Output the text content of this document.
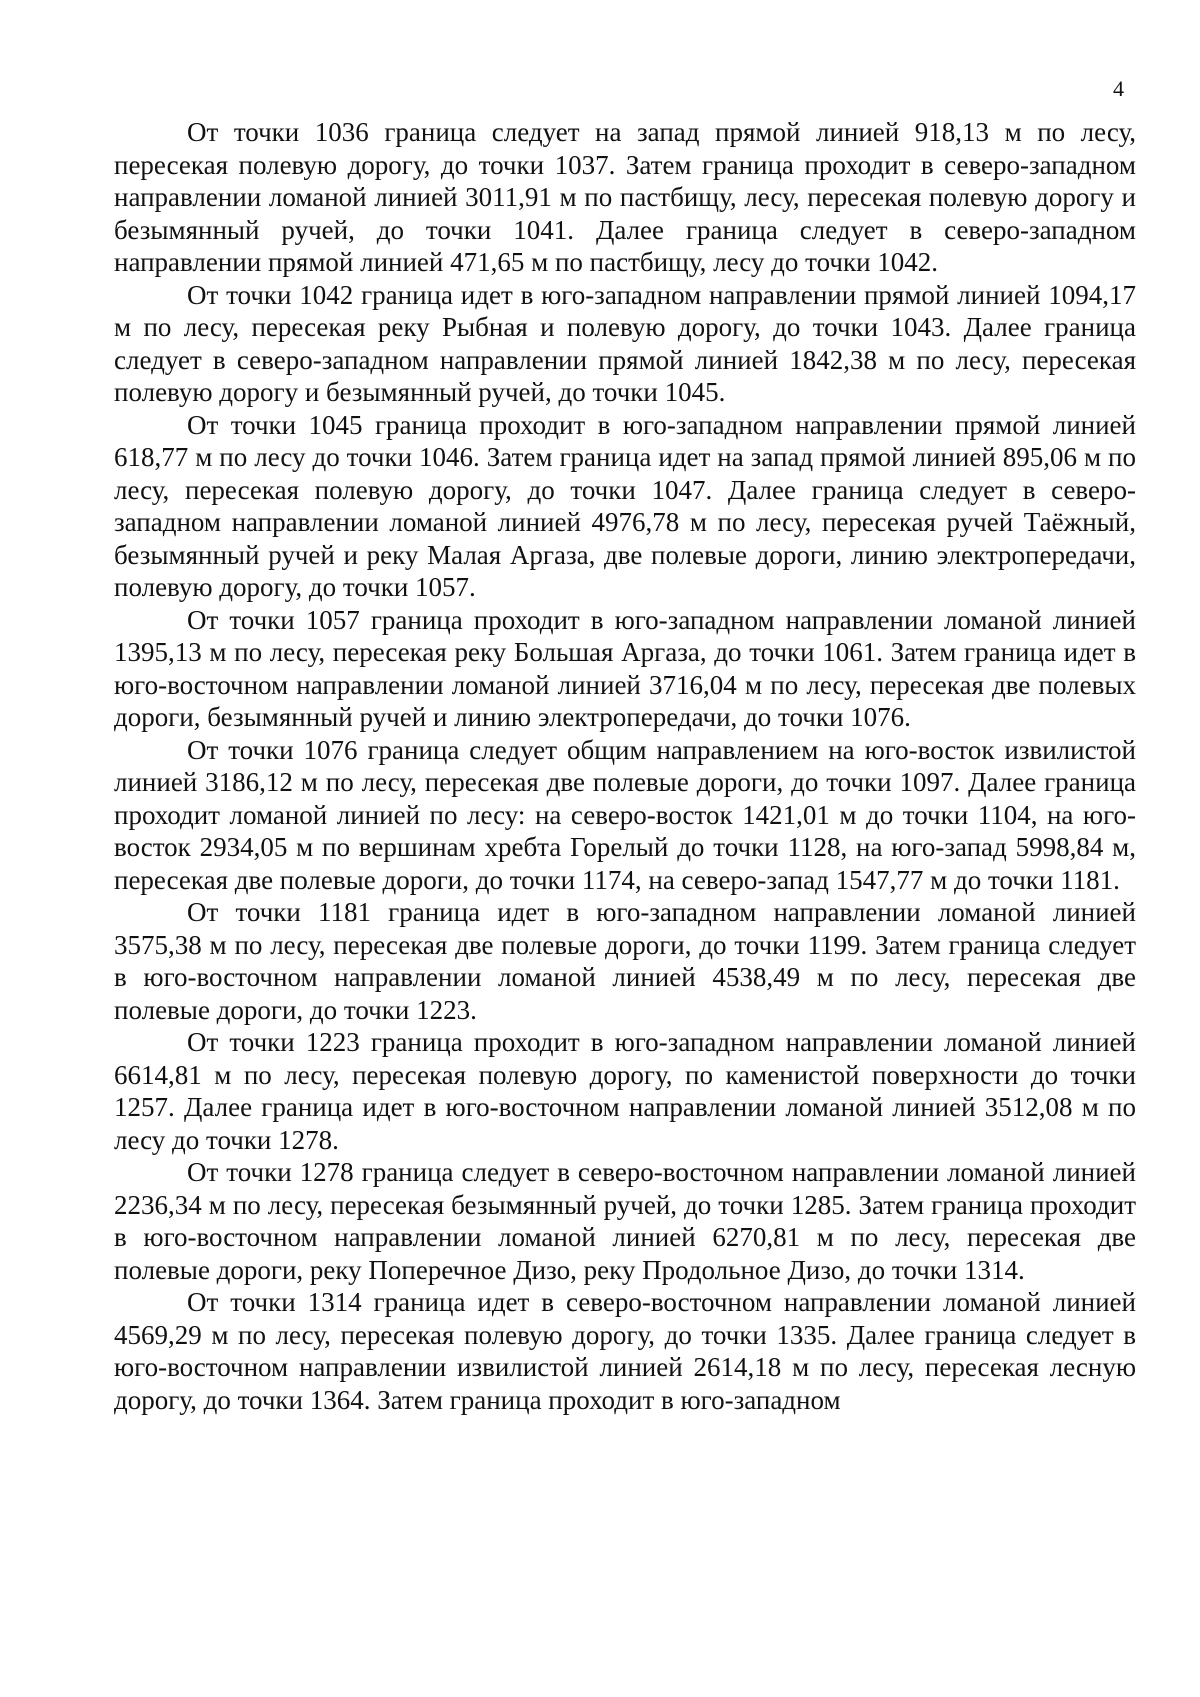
4

От точки 1036 граница следует на запад прямой линией 918,13 м по лесу, пересекая полевую дорогу, до точки 1037. Затем граница проходит в северо-западном направлении ломаной линией 3011,91 м по пастбищу, лесу, пересекая полевую дорогу и безымянный ручей, до точки 1041. Далее граница следует в северо-западном направлении прямой линией 471,65 м по пастбищу, лесу до точки 1042.

От точки 1042 граница идет в юго-западном направлении прямой линией 1094,17 м по лесу, пересекая реку Рыбная и полевую дорогу, до точки 1043. Далее граница следует в северо-западном направлении прямой линией 1842,38 м по лесу, пересекая полевую дорогу и безымянный ручей, до точки 1045.

От точки 1045 граница проходит в юго-западном направлении прямой линией 618,77 м по лесу до точки 1046. Затем граница идет на запад прямой линией 895,06 м по лесу, пересекая полевую дорогу, до точки 1047. Далее граница следует в северо-западном направлении ломаной линией 4976,78 м по лесу, пересекая ручей Таёжный, безымянный ручей и реку Малая Аргаза, две полевые дороги, линию электропередачи, полевую дорогу, до точки 1057.

От точки 1057 граница проходит в юго-западном направлении ломаной линией 1395,13 м по лесу, пересекая реку Большая Аргаза, до точки 1061. Затем граница идет в юго-восточном направлении ломаной линией 3716,04 м по лесу, пересекая две полевых дороги, безымянный ручей и линию электропередачи, до точки 1076.

От точки 1076 граница следует общим направлением на юго-восток извилистой линией 3186,12 м по лесу, пересекая две полевые дороги, до точки 1097. Далее граница проходит ломаной линией по лесу: на северо-восток 1421,01 м до точки 1104, на юго-восток 2934,05 м по вершинам хребта Горелый до точки 1128, на юго-запад 5998,84 м, пересекая две полевые дороги, до точки 1174, на северо-запад 1547,77 м до точки 1181.

От точки 1181 граница идет в юго-западном направлении ломаной линией 3575,38 м по лесу, пересекая две полевые дороги, до точки 1199. Затем граница следует в юго-восточном направлении ломаной линией 4538,49 м по лесу, пересекая две полевые дороги, до точки 1223.

От точки 1223 граница проходит в юго-западном направлении ломаной линией 6614,81 м по лесу, пересекая полевую дорогу, по каменистой поверхности до точки 1257. Далее граница идет в юго-восточном направлении ломаной линией 3512,08 м по лесу до точки 1278.

От точки 1278 граница следует в северо-восточном направлении ломаной линией 2236,34 м по лесу, пересекая безымянный ручей, до точки 1285. Затем граница проходит в юго-восточном направлении ломаной линией 6270,81 м по лесу, пересекая две полевые дороги, реку Поперечное Дизо, реку Продольное Дизо, до точки 1314.

От точки 1314 граница идет в северо-восточном направлении ломаной линией 4569,29 м по лесу, пересекая полевую дорогу, до точки 1335. Далее граница следует в юго-восточном направлении извилистой линией 2614,18 м по лесу, пересекая лесную дорогу, до точки 1364. Затем граница проходит в юго-западном
